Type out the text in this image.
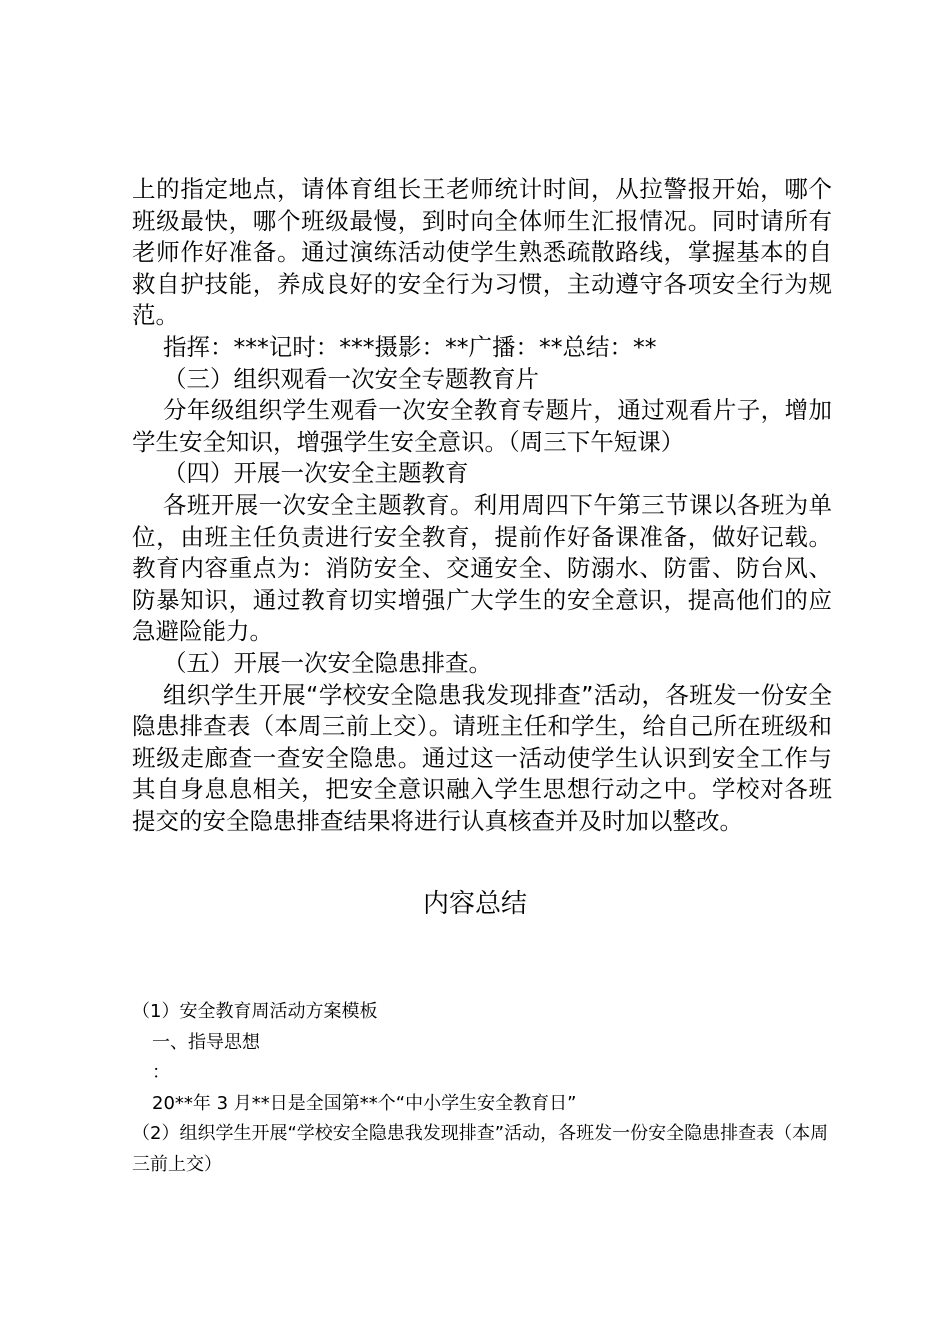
上的指定地点，请体育组长王老师统计时间，从拉警报开始，哪个班级最快，哪个班级最慢，到时向全体师生汇报情况。同时请所有老师作好准备。通过演练活动使学生熟悉疏散路线，掌握基本的自救自护技能，养成良好的安全行为习惯，主动遵守各项安全行为规范。

指挥：***记时：***摄影：**广播：**总结：**

（三）组织观看一次安全专题教育片

分年级组织学生观看一次安全教育专题片，通过观看片子，增加学生安全知识，增强学生安全意识。（周三下午短课）

（四）开展一次安全主题教育

各班开展一次安全主题教育。利用周四下午第三节课以各班为单位，由班主任负责进行安全教育，提前作好备课准备，做好记载。教育内容重点为：消防安全、交通安全、防溺水、防雷、防台风、防暴知识，通过教育切实增强广大学生的安全意识，提高他们的应急避险能力。

（五）开展一次安全隐患排查。

组织学生开展“学校安全隐患我发现排查”活动，各班发一份安全隐患排查表（本周三前上交）。请班主任和学生，给自己所在班级和班级走廊查一查安全隐患。通过这一活动使学生认识到安全工作与其自身息息相关，把安全意识融入学生思想行动之中。学校对各班提交的安全隐患排查结果将进行认真核查并及时加以整改。

内容总结

（1）安全教育周活动方案模板

一、指导思想

：

20**年 3 月**日是全国第**个“中小学生安全教育日”

（2）组织学生开展“学校安全隐患我发现排查”活动，各班发一份安全隐患排查表（本周三前上交）
